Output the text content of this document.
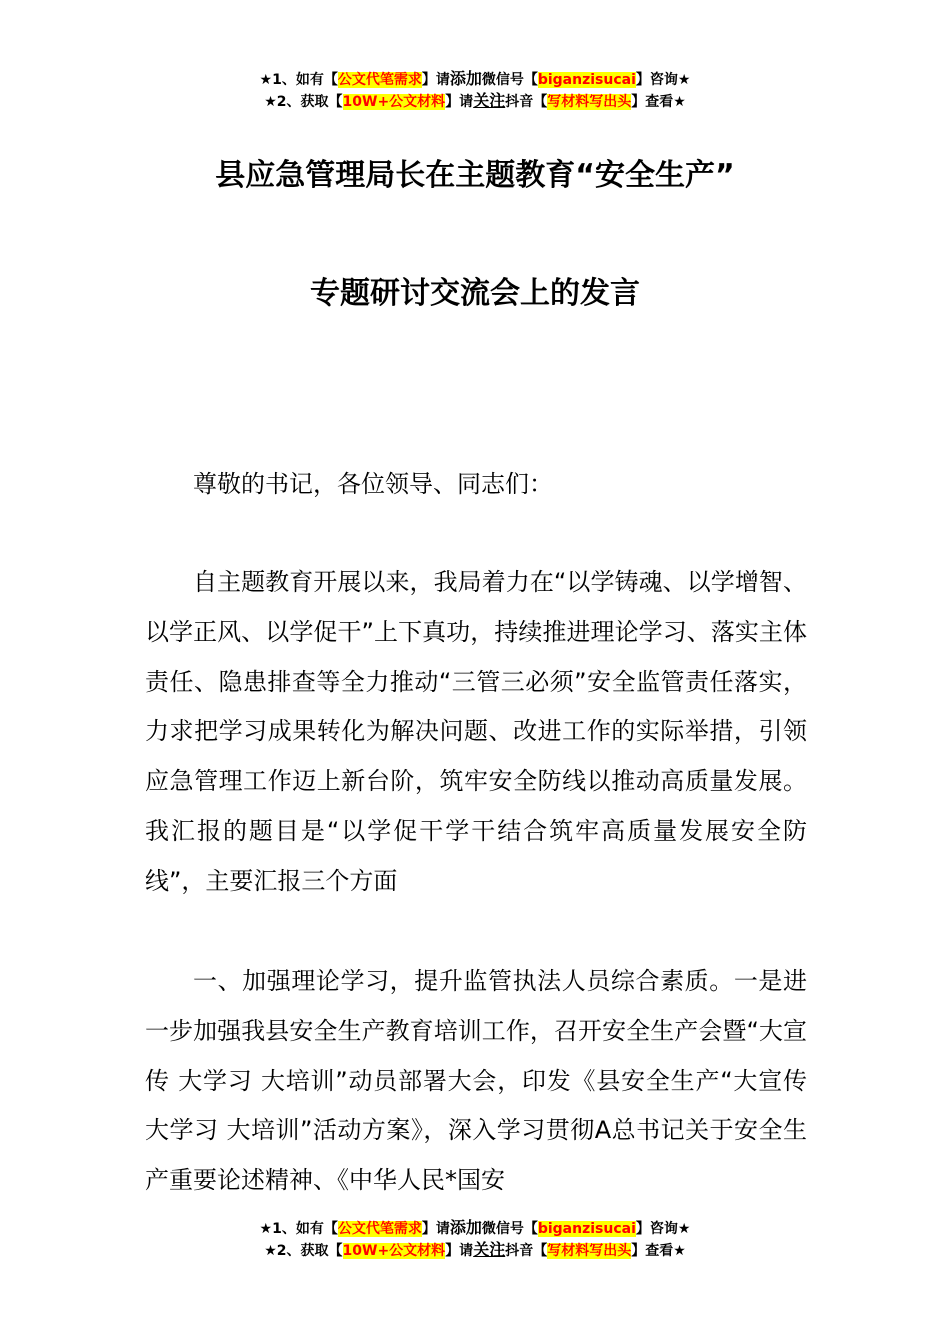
★1、如有【公文代笔需求】请添加微信号【biganzisucai】咨询★
★2、获取【10W+公文材料】请关注抖音【写材料写出头】查看★
县应急管理局长在主题教育“安全生产”
专题研讨交流会上的发言
尊敬的书记，各位领导、同志们：
自主题教育开展以来，我局着力在“以学铸魂、以学增智、以学正风、以学促干”上下真功，持续推进理论学习、落实主体责任、隐患排查等全力推动“三管三必须”安全监管责任落实，力求把学习成果转化为解决问题、改进工作的实际举措，引领应急管理工作迈上新台阶，筑牢安全防线以推动高质量发展。我汇报的题目是“以学促干学干结合筑牢高质量发展安全防线”，主要汇报三个方面
一、加强理论学习，提升监管执法人员综合素质。一是进一步加强我县安全生产教育培训工作，召开安全生产会暨“大宣传 大学习 大培训”动员部署大会，印发《县安全生产“大宣传 大学习 大培训”活动方案》，深入学习贯彻A总书记关于安全生产重要论述精神、《中华人民*国安
★1、如有【公文代笔需求】请添加微信号【biganzisucai】咨询★
★2、获取【10W+公文材料】请关注抖音【写材料写出头】查看★
